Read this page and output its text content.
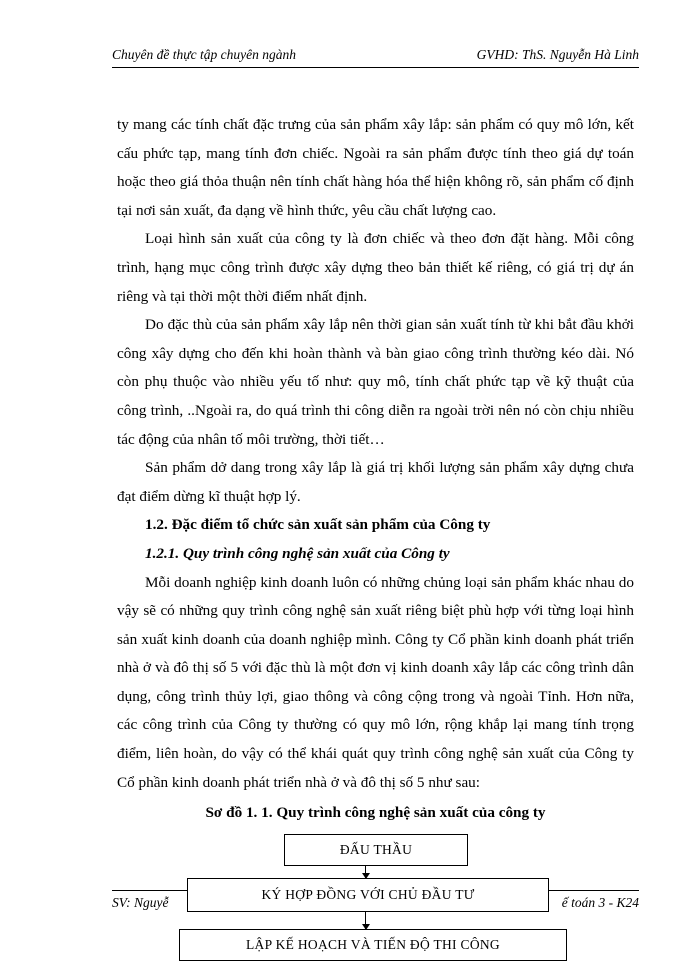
Chuyên đề thực tập chuyên ngành	GVHD: ThS. Nguyễn Hà Linh

ty mang các tính chất đặc trưng của sản phẩm xây lắp: sản phẩm có quy mô lớn, kết cấu phức tạp, mang tính đơn chiếc. Ngoài ra sản phẩm được tính theo giá dự toán hoặc theo giá thỏa thuận nên tính chất hàng hóa thể hiện không rõ, sản phẩm cố định tại nơi sản xuất, đa dạng về hình thức, yêu cầu chất lượng cao.

Loại hình sản xuất của công ty là đơn chiếc và theo đơn đặt hàng. Mỗi công trình, hạng mục công trình được xây dựng theo bản thiết kế riêng, có giá trị dự án riêng và tại thời một thời điểm nhất định.

Do đặc thù của sản phẩm xây lắp nên thời gian sản xuất tính từ khi bắt đầu khởi công xây dựng cho đến khi hoàn thành và bàn giao công trình thường kéo dài. Nó còn phụ thuộc vào nhiều yếu tố như: quy mô, tính chất phức tạp về kỹ thuật của công trình, ..Ngoài ra, do quá trình thi công diễn ra ngoài trời nên nó còn chịu nhiều tác động của nhân tố môi trường, thời tiết…

Sản phẩm dở dang trong xây lắp là giá trị khối lượng sản phẩm xây dựng chưa đạt điểm dừng kĩ thuật hợp lý.

1.2. Đặc điểm tổ chức sản xuất sản phẩm của Công ty

1.2.1. Quy trình công nghệ sản xuất của Công ty

Mỗi doanh nghiệp kinh doanh luôn có những chủng loại sản phẩm khác nhau do vậy sẽ có những quy trình công nghệ sản xuất riêng biệt phù hợp với từng loại hình sản xuất kinh doanh của doanh nghiệp mình. Công ty Cổ phần kinh doanh phát triển nhà ở và đô thị số 5 với đặc thù là một đơn vị kinh doanh xây lắp các công trình dân dụng, công trình thủy lợi, giao thông và công cộng trong và ngoài Tỉnh. Hơn nữa, các công trình của Công ty thường có quy mô lớn, rộng khắp lại mang tính trọng điểm, liên hoàn, do vậy có thể khái quát quy trình công nghệ sản xuất của Công ty Cổ phần kinh doanh phát triển nhà ở và đô thị số 5 như sau:

Sơ đồ 1. 1. Quy trình công nghệ sản xuất của công ty

SV: Nguyễ	ế toán 3 - K24
ĐẤU THẦU
KÝ HỢP ĐỒNG VỚI CHỦ ĐẦU TƯ
LẬP KẾ HOẠCH VÀ TIẾN ĐỘ THI CÔNG
